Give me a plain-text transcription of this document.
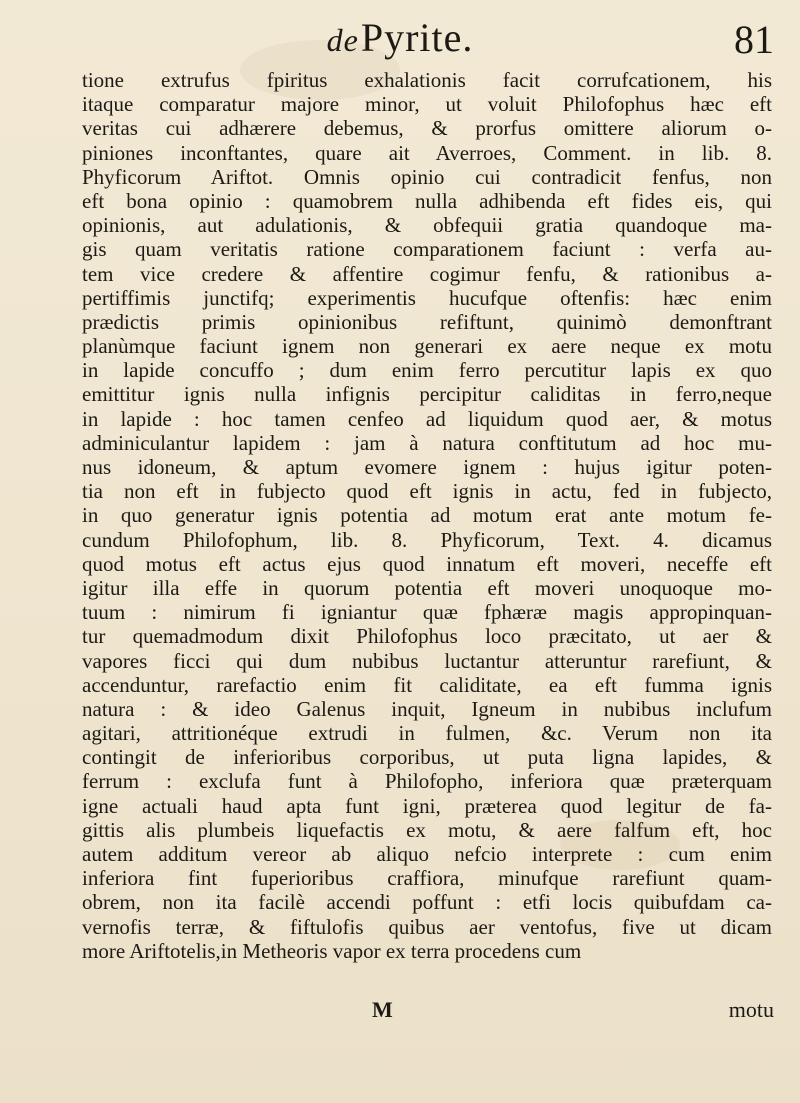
dePyrite.	81
tione extrufus fpiritus exhalationis facit corrufcationem, his
itaque comparatur majore minor, ut voluit Philofophus hæc eft
veritas cui adhærere debemus, & prorfus omittere aliorum o-
piniones inconftantes, quare ait Averroes, Comment. in lib. 8.
Phyficorum Ariftot. Omnis opinio cui contradicit fenfus, non
eft bona opinio : quamobrem nulla adhibenda eft fides eis, qui
opinionis, aut adulationis, & obfequii gratia quandoque ma-
gis quam veritatis ratione comparationem faciunt : verfa au-
tem vice credere & affentire cogimur fenfu, & rationibus a-
pertiffimis junctifq; experimentis hucufque oftenfis: hæc enim
prædictis primis opinionibus refiftunt, quinimò demonftrant
planùmque faciunt ignem non generari ex aere neque ex motu
in lapide concuffo ; dum enim ferro percutitur lapis ex quo
emittitur ignis nulla infignis percipitur caliditas in ferro,neque
in lapide : hoc tamen cenfeo ad liquidum quod aer, & motus
adminiculantur lapidem : jam à natura conftitutum ad hoc mu-
nus idoneum, & aptum evomere ignem : hujus igitur poten-
tia non eft in fubjecto quod eft ignis in actu, fed in fubjecto,
in quo generatur ignis potentia ad motum erat ante motum fe-
cundum Philofophum, lib. 8. Phyficorum, Text. 4. dicamus
quod motus eft actus ejus quod innatum eft moveri, neceffe eft
igitur illa effe in quorum potentia eft moveri unoquoque mo-
tuum : nimirum fi igniantur quæ fphæræ magis appropinquan-
tur quemadmodum dixit Philofophus loco præcitato, ut aer &
vapores ficci qui dum nubibus luctantur atteruntur rarefiunt, &
accenduntur, rarefactio enim fit caliditate, ea eft fumma ignis
natura : & ideo Galenus inquit, Igneum in nubibus inclufum
agitari, attritionéque extrudi in fulmen, &c. Verum non ita
contingit de inferioribus corporibus, ut puta ligna lapides, &
ferrum : exclufa funt à Philofopho, inferiora quæ præterquam
igne actuali haud apta funt igni, præterea quod legitur de fa-
gittis alis plumbeis liquefactis ex motu, & aere falfum eft, hoc
autem additum vereor ab aliquo nefcio interprete : cum enim
inferiora fint fuperioribus craffiora, minufque rarefiunt quam-
obrem, non ita facilè accendi poffunt : etfi locis quibufdam ca-
vernofis terræ, & fiftulofis quibus aer ventofus, five ut dicam
more Ariftotelis,in Metheoris vapor ex terra procedens cum
M	motu
